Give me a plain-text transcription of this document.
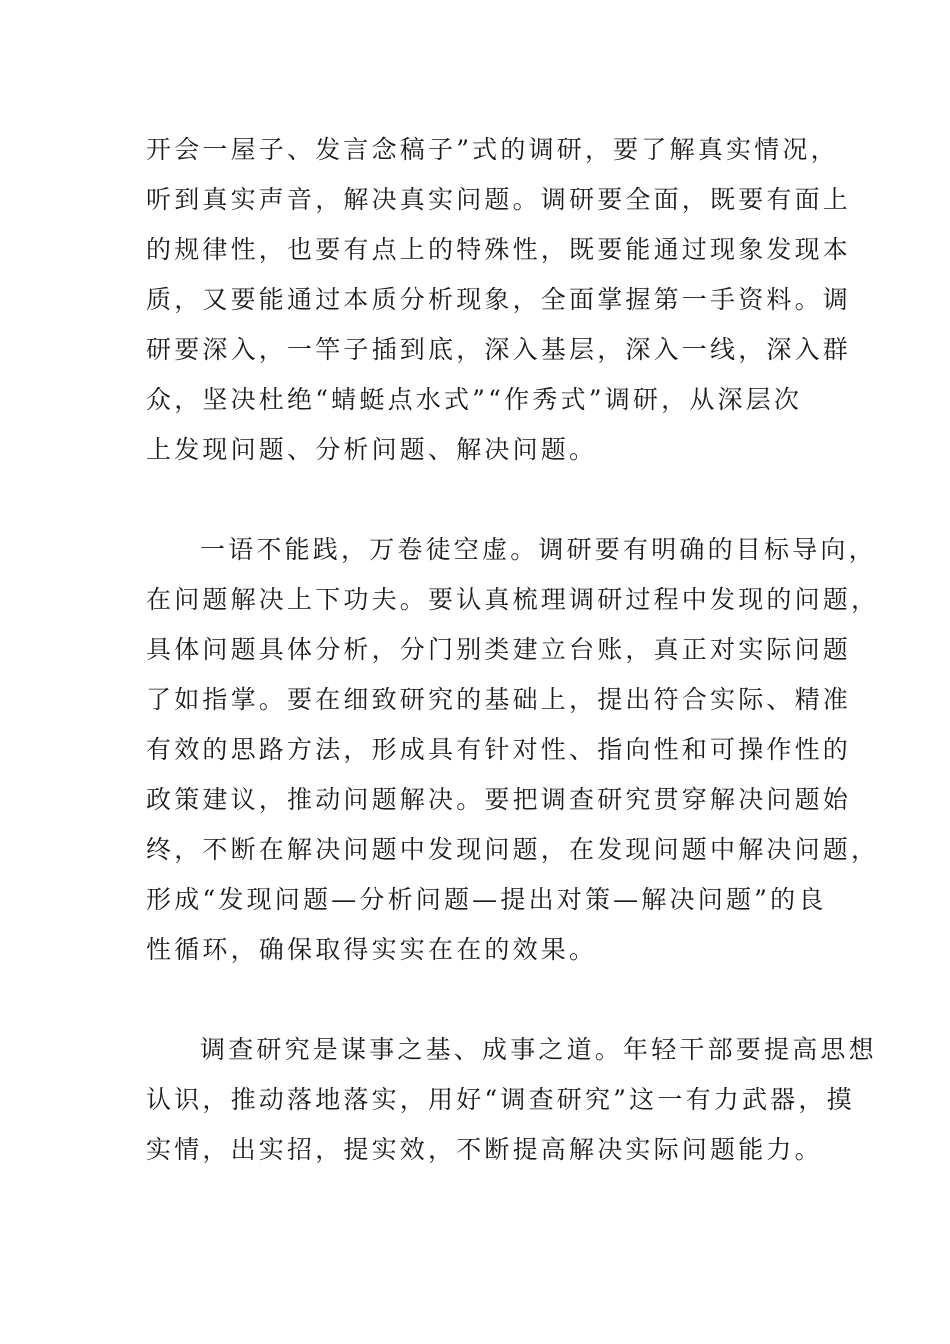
开会一屋子、发言念稿子”式的调研，要了解真实情况，
听到真实声音，解决真实问题。调研要全面，既要有面上
的规律性，也要有点上的特殊性，既要能通过现象发现本
质，又要能通过本质分析现象，全面掌握第一手资料。调
研要深入，一竿子插到底，深入基层，深入一线，深入群
众，坚决杜绝“蜻蜓点水式”“作秀式”调研，从深层次
上发现问题、分析问题、解决问题。
一语不能践，万卷徒空虚。调研要有明确的目标导向，
在问题解决上下功夫。要认真梳理调研过程中发现的问题，
具体问题具体分析，分门别类建立台账，真正对实际问题
了如指掌。要在细致研究的基础上，提出符合实际、精准
有效的思路方法，形成具有针对性、指向性和可操作性的
政策建议，推动问题解决。要把调查研究贯穿解决问题始
终，不断在解决问题中发现问题，在发现问题中解决问题，
形成“发现问题—分析问题—提出对策—解决问题”的良
性循环，确保取得实实在在的效果。
调查研究是谋事之基、成事之道。年轻干部要提高思想
认识，推动落地落实，用好“调查研究”这一有力武器，摸
实情，出实招，提实效，不断提高解决实际问题能力。
